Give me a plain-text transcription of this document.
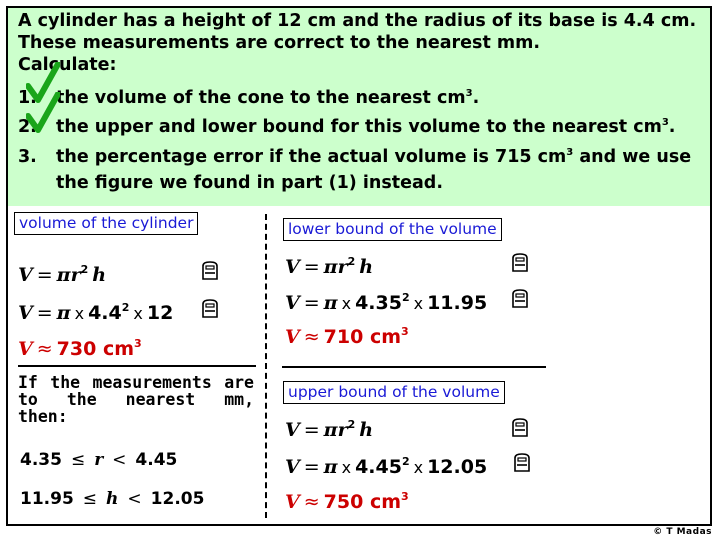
A cylinder has a height of 12 cm and the radius of its base is 4.4 cm.
These measurements are correct to the nearest mm.
Calculate:
1. the volume of the cone to the nearest $cm^3$.
2. the upper and lower bound for this volume to the nearest $cm^3$.
3. the percentage error if the actual volume is 715 $cm^3$ and we use
the figure we found in part (1) instead.
volume of the cylinder
$V = \pi r^2$ h
V = π x $4.4^2$ x 12
V ≈ 730 $cm^3$
If the measurements are to the nearest mm, then:
4.35 ≤ r < 4.45
11.95 ≤ h < 12.05
lower bound of the volume
$V = \pi r^2$ h
V = π x 4.35$^2$ x 11.95
V ≈ 710 $cm^3$
upper bound of the volume
$V = \pi r^2$ h
V = π x 4.45$^2$ x 12.05
V ≈ 750 $cm^3$
© T Madas
